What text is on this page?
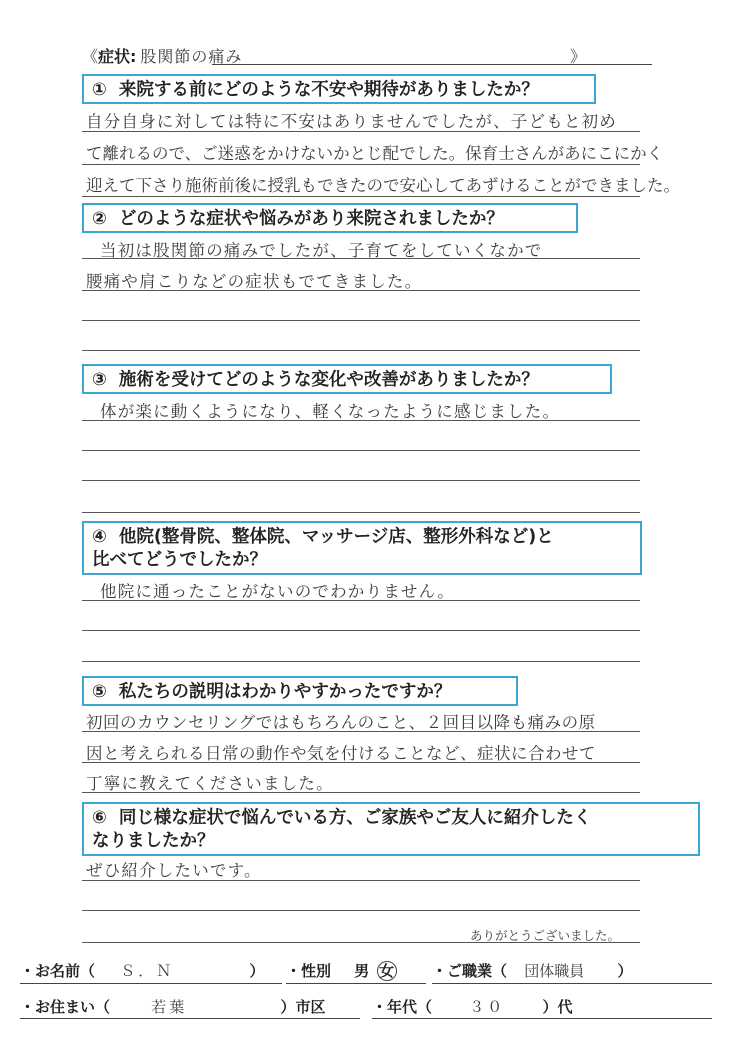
《症状: 股関節の痛み	》
① 来院する前にどのような不安や期待がありましたか？
自分自身に対しては特に不安はありませんでしたが、子どもと初め
て離れるので、ご迷惑をかけないかとじ配でした。保育士さんがあにこにかく
迎えて下さり施術前後に授乳もできたので安心してあずけることができました。
② どのような症状や悩みがあり来院されましたか？
当初は股関節の痛みでしたが、子育てをしていくなかで
腰痛や肩こりなどの症状もでてきました。
③ 施術を受けてどのような変化や改善がありましたか？
体が楽に動くようになり、軽くなったように感じました。
④ 他院(整骨院、整体院、マッサージ店、整形外科など)と
比べてどうでしたか？
他院に通ったことがないのでわかりません。
⑤ 私たちの説明はわかりやすかったですか？
初回のカウンセリングではもちろんのこと、２回目以降も痛みの原
因と考えられる日常の動作や気を付けることなど、症状に合わせて
丁寧に教えてくださいました。
⑥ 同じ様な症状で悩んでいる方、ご家族やご友人に紹介したく
なりましたか？
ぜひ紹介したいです。
ありがとうございました。
・お名前（ Ｓ．Ｎ	） ・性別 男 女	・ご職業（ 団体職員 ）
・お住まい（	若葉	）市区	・年代（ ３０ ）代
